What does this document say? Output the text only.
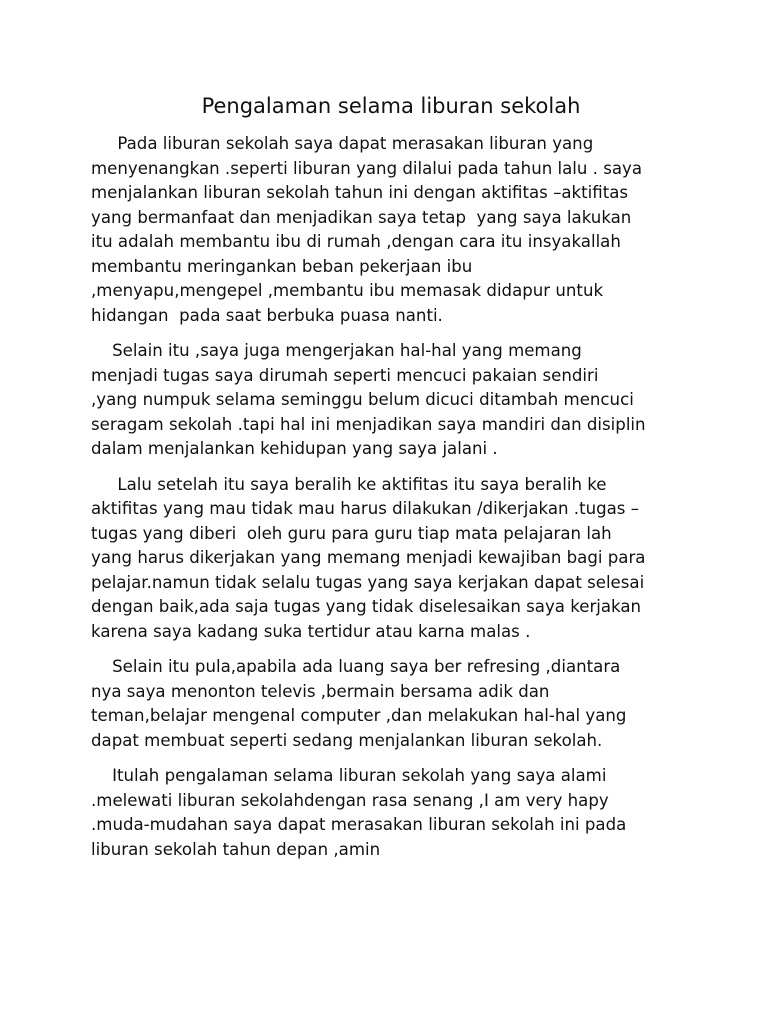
Pengalaman selama liburan sekolah

Pada liburan sekolah saya dapat merasakan liburan yang
menyenangkan .seperti liburan yang dilalui pada tahun lalu . saya
menjalankan liburan sekolah tahun ini dengan aktifitas –aktifitas
yang bermanfaat dan menjadikan saya tetap  yang saya lakukan
itu adalah membantu ibu di rumah ,dengan cara itu insyakallah
membantu meringankan beban pekerjaan ibu
,menyapu,mengepel ,membantu ibu memasak didapur untuk
hidangan  pada saat berbuka puasa nanti.

Selain itu ,saya juga mengerjakan hal-hal yang memang
menjadi tugas saya dirumah seperti mencuci pakaian sendiri
,yang numpuk selama seminggu belum dicuci ditambah mencuci
seragam sekolah .tapi hal ini menjadikan saya mandiri dan disiplin
dalam menjalankan kehidupan yang saya jalani .

Lalu setelah itu saya beralih ke aktifitas itu saya beralih ke
aktifitas yang mau tidak mau harus dilakukan /dikerjakan .tugas –
tugas yang diberi  oleh guru para guru tiap mata pelajaran lah
yang harus dikerjakan yang memang menjadi kewajiban bagi para
pelajar.namun tidak selalu tugas yang saya kerjakan dapat selesai
dengan baik,ada saja tugas yang tidak diselesaikan saya kerjakan
karena saya kadang suka tertidur atau karna malas .

Selain itu pula,apabila ada luang saya ber refresing ,diantara
nya saya menonton televis ,bermain bersama adik dan
teman,belajar mengenal computer ,dan melakukan hal-hal yang
dapat membuat seperti sedang menjalankan liburan sekolah.

Itulah pengalaman selama liburan sekolah yang saya alami
.melewati liburan sekolahdengan rasa senang ,I am very hapy
.muda-mudahan saya dapat merasakan liburan sekolah ini pada
liburan sekolah tahun depan ,amin
